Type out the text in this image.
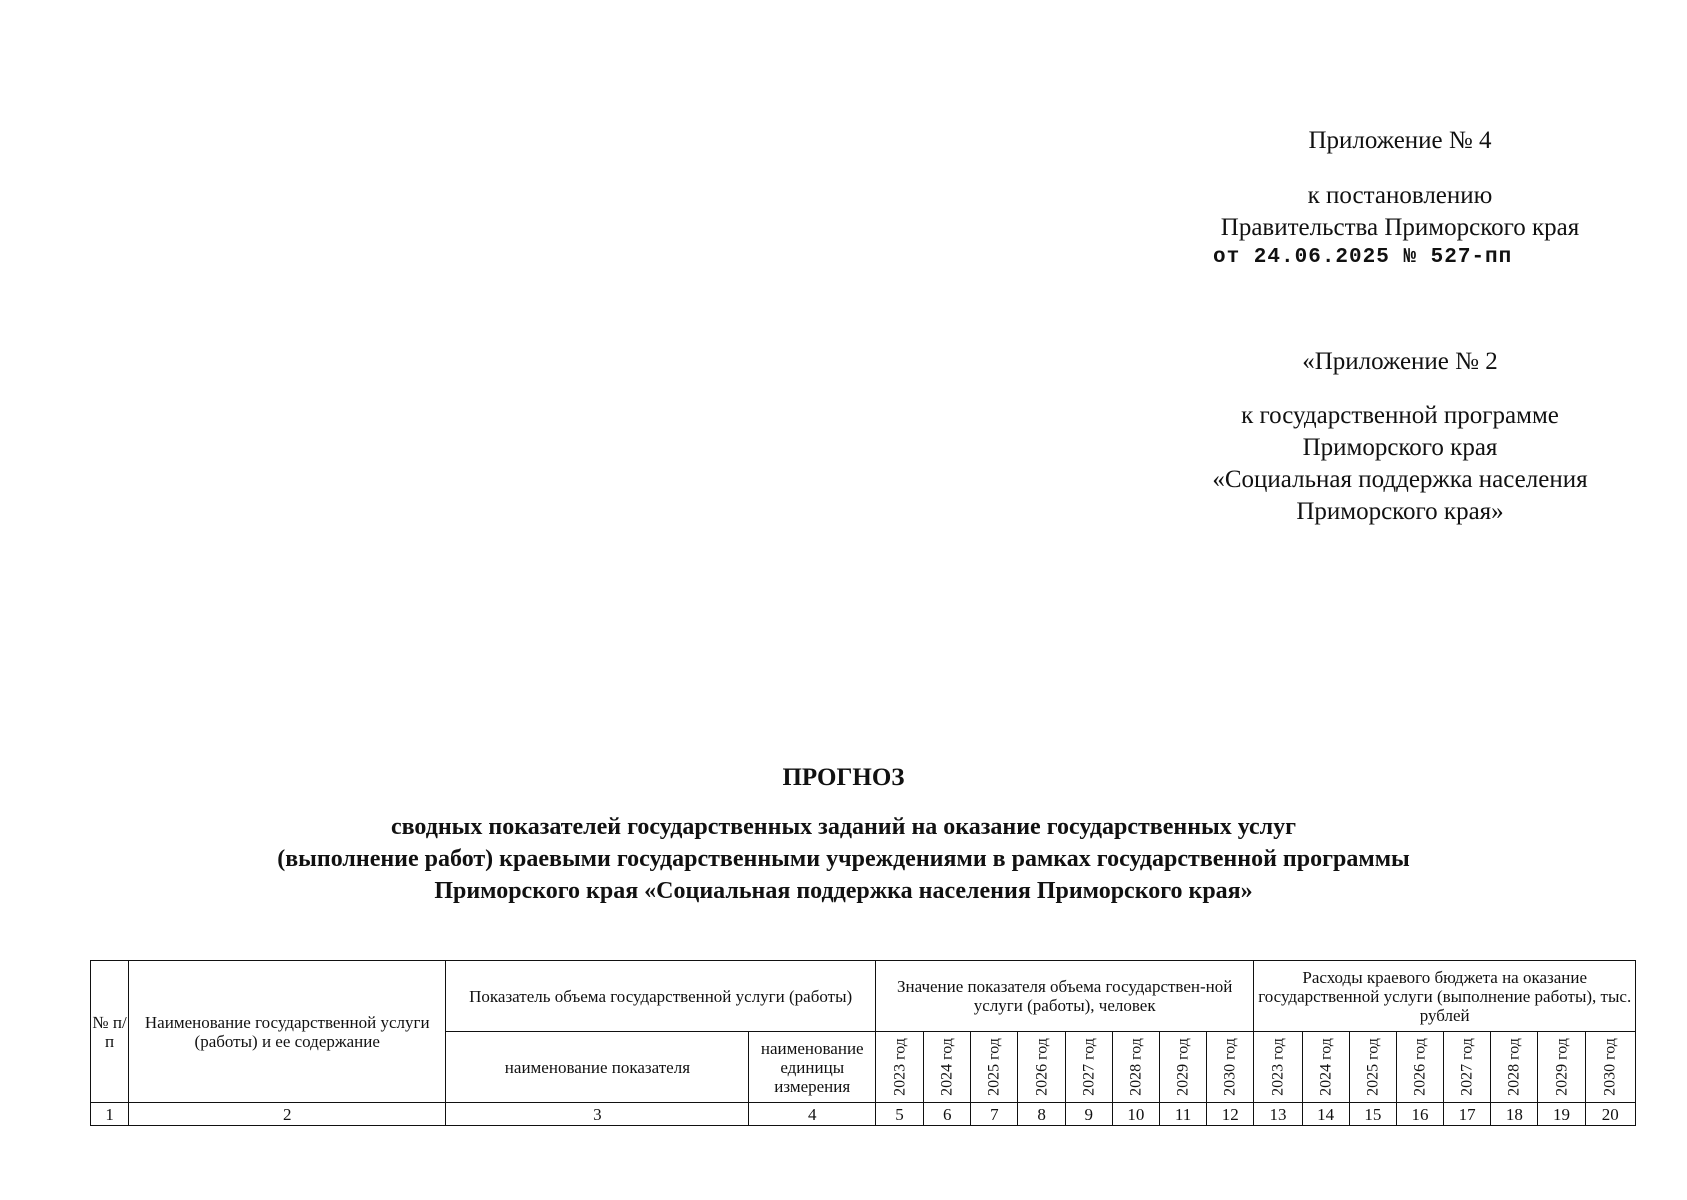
Приложение № 4
к постановлению
Правительства Приморского края
от 24.06.2025 № 527-пп
«Приложение № 2
к государственной программе
Приморского края
«Социальная поддержка населения
Приморского края»
ПРОГНОЗ
сводных показателей государственных заданий на оказание государственных услуг
(выполнение работ) краевыми государственными учреждениями в рамках государственной программы
Приморского края «Социальная поддержка населения Приморского края»
№ п/п	Наименование государственной услуги (работы) и ее содержание	Показатель объема государственной услуги (работы)		Значение показателя объема государствен-ной услуги (работы), человек								Расходы краевого бюджета на оказание государственной услуги (выполнение работы), тыс. рублей							
		наименование показателя	наименование единицы измерения	2023 год	2024 год	2025 год	2026 год	2027 год	2028 год	2029 год	2030 год	2023 год	2024 год	2025 год	2026 год	2027 год	2028 год	2029 год	2030 год

1	2	3	4	5	6	7	8	9	10	11	12	13	14	15	16	17	18	19	20
